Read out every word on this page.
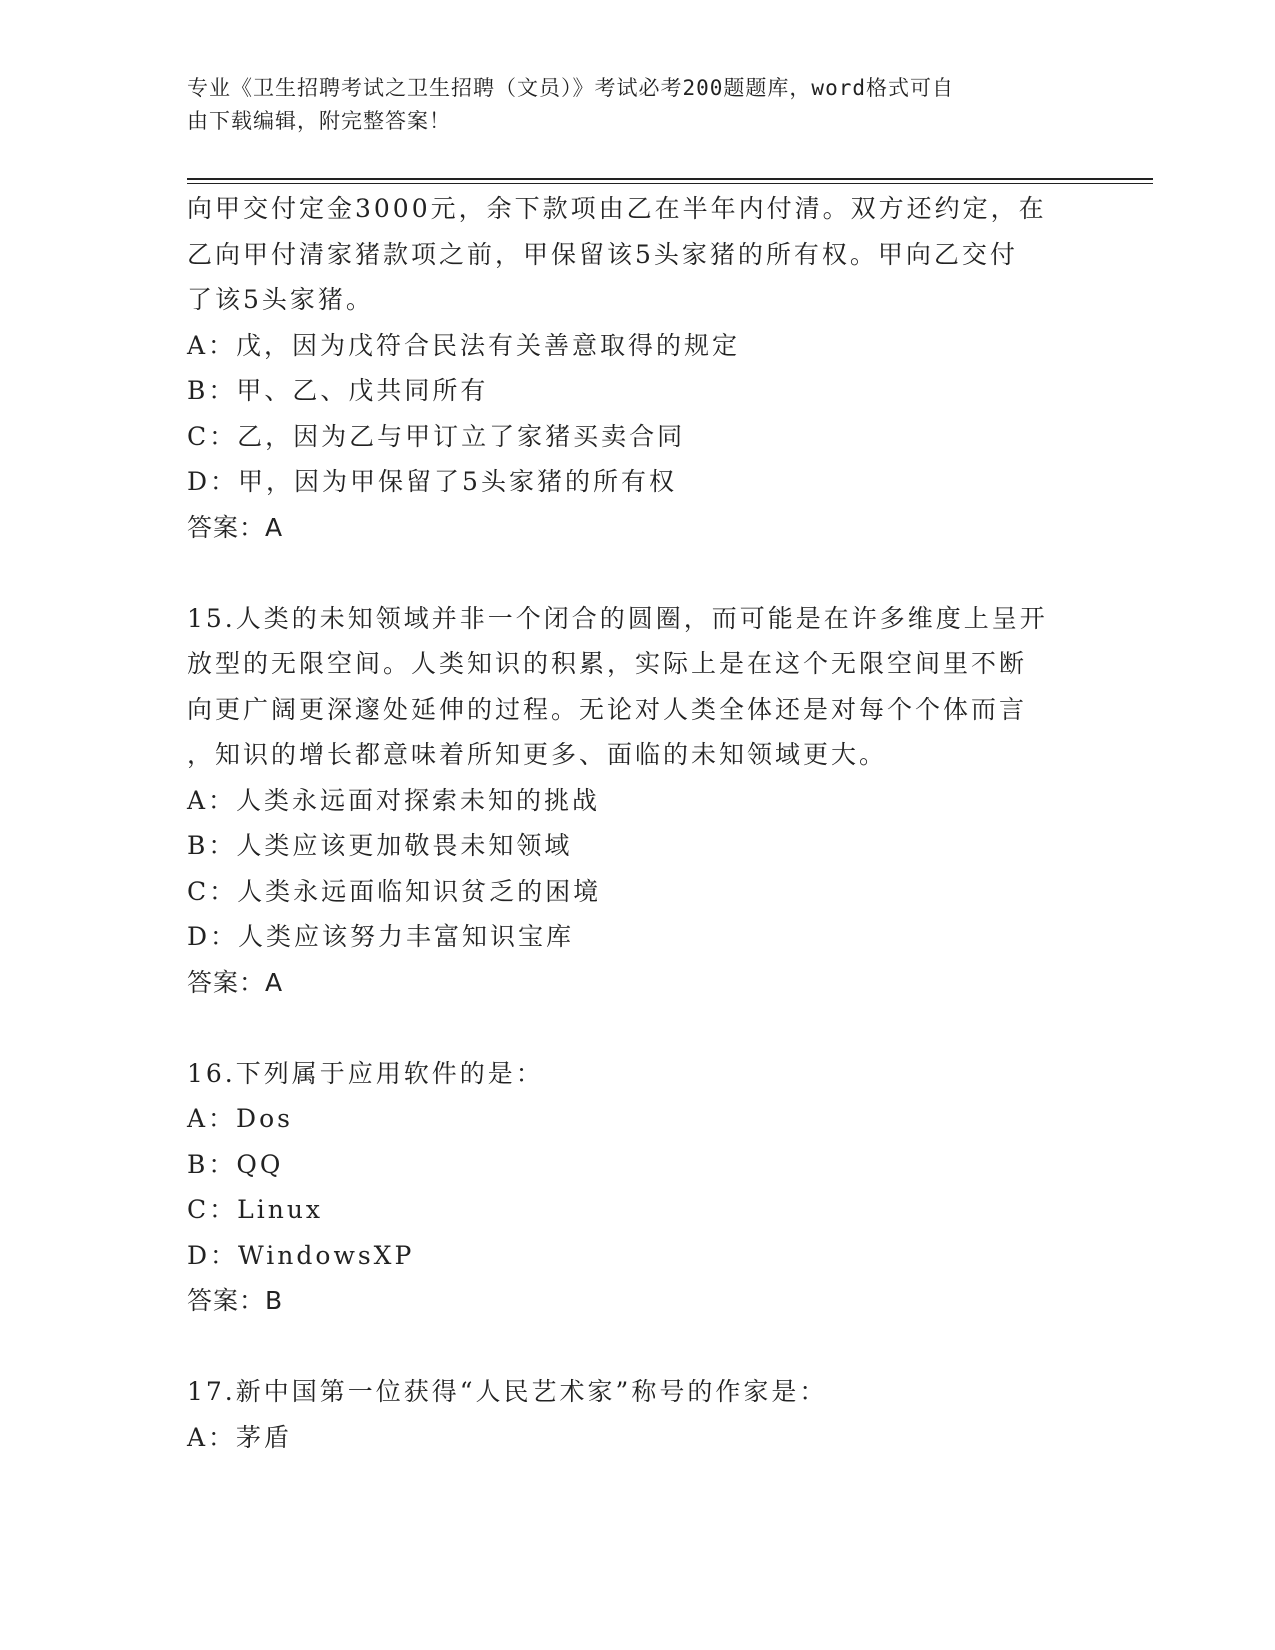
专业《卫生招聘考试之卫生招聘（文员）》考试必考200题题库，word格式可自
由下载编辑，附完整答案！
向甲交付定金3000元，余下款项由乙在半年内付清。双方还约定，在
乙向甲付清家猪款项之前，甲保留该5头家猪的所有权。甲向乙交付
了该5头家猪。
A：戊，因为戊符合民法有关善意取得的规定
B：甲、乙、戊共同所有
C：乙，因为乙与甲订立了家猪买卖合同
D：甲，因为甲保留了5头家猪的所有权
答案：A
15.人类的未知领域并非一个闭合的圆圈，而可能是在许多维度上呈开
放型的无限空间。人类知识的积累，实际上是在这个无限空间里不断
向更广阔更深邃处延伸的过程。无论对人类全体还是对每个个体而言
，知识的增长都意味着所知更多、面临的未知领域更大。
A：人类永远面对探索未知的挑战
B：人类应该更加敬畏未知领域
C：人类永远面临知识贫乏的困境
D：人类应该努力丰富知识宝库
答案：A
16.下列属于应用软件的是：
A：Dos
B：QQ
C：Linux
D：WindowsXP
答案：B
17.新中国第一位获得“人民艺术家”称号的作家是：
A：茅盾
